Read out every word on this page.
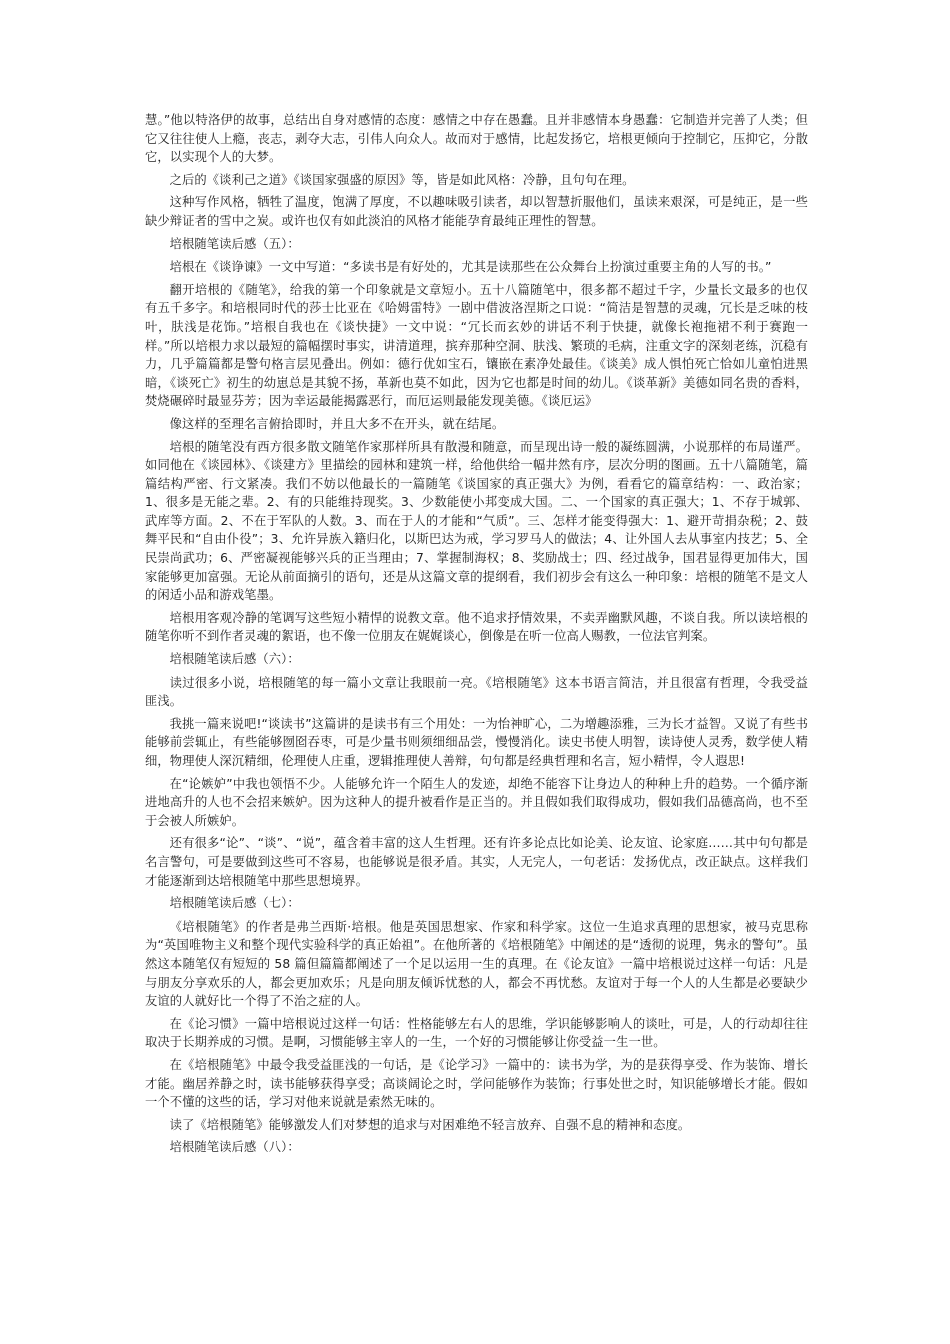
慧。”他以特洛伊的故事，总结出自身对感情的态度：感情之中存在愚蠢。且并非感情本身愚蠢：它制造并完善了人类；但它又往往使人上瘾，丧志，剥夺大志，引伟人向众人。故而对于感情，比起发扬它，培根更倾向于控制它，压抑它，分散它，以实现个人的大梦。

之后的《谈利己之道》《谈国家强盛的原因》等，皆是如此风格：冷静，且句句在理。

这种写作风格，牺牲了温度，饱满了厚度，不以趣味吸引读者，却以智慧折服他们，虽读来艰深，可是纯正，是一些缺少辩证者的雪中之炭。或许也仅有如此淡泊的风格才能能孕育最纯正理性的智慧。

培根随笔读后感（五）：

培根在《谈诤谏》一文中写道：“多读书是有好处的，尤其是读那些在公众舞台上扮演过重要主角的人写的书。”

翻开培根的《随笔》，给我的第一个印象就是文章短小。五十八篇随笔中，很多都不超过千字，少量长文最多的也仅有五千多字。和培根同时代的莎士比亚在《哈姆雷特》一剧中借波洛涅斯之口说：“简洁是智慧的灵魂，冗长是乏味的枝叶，肤浅是花饰。”培根自我也在《谈快捷》一文中说：“冗长而玄妙的讲话不利于快捷，就像长袍拖裙不利于赛跑一样。”所以培根力求以最短的篇幅摆时事实，讲清道理，摈弃那种空洞、肤浅、繁琐的毛病，注重文字的深刻老练，沉稳有力，几乎篇篇都是警句格言层见叠出。例如：德行优如宝石，镶嵌在素净处最佳。《谈美》成人惧怕死亡恰如儿童怕进黑暗，《谈死亡》初生的幼崽总是其貌不扬，革新也莫不如此，因为它也都是时间的幼儿。《谈革新》美德如同名贵的香料，焚烧碾碎时最显芬芳；因为幸运最能揭露恶行，而厄运则最能发现美德。《谈厄运》

像这样的至理名言俯拾即时，并且大多不在开头，就在结尾。

培根的随笔没有西方很多散文随笔作家那样所具有散漫和随意，而呈现出诗一般的凝练圆满，小说那样的布局谨严。如同他在《谈园林》、《谈建方》里描绘的园林和建筑一样，给他供给一幅井然有序，层次分明的图画。五十八篇随笔，篇篇结构严密、行文紧凑。我们不妨以他最长的一篇随笔《谈国家的真正强大》为例，看看它的篇章结构：一、政治家；1、很多是无能之辈。2、有的只能维持现奖。3、少数能使小邦变成大国。二、一个国家的真正强大；1、不存于城郭、武库等方面。2、不在于军队的人数。3、而在于人的才能和“气质”。三、怎样才能变得强大：1、避开苛捐杂税；2、鼓舞平民和“自由仆役”；3、允许异族入籍归化，以斯巴达为戒，学习罗马人的做法；4、让外国人去从事室内技艺；5、全民崇尚武功；6、严密凝视能够兴兵的正当理由；7、掌握制海权；8、奖励战士；四、经过战争，国君显得更加伟大，国家能够更加富强。无论从前面摘引的语句，还是从这篇文章的提纲看，我们初步会有这么一种印象：培根的随笔不是文人的闲适小品和游戏笔墨。

培根用客观冷静的笔调写这些短小精悍的说教文章。他不追求抒情效果，不卖弄幽默风趣，不谈自我。所以读培根的随笔你听不到作者灵魂的絮语，也不像一位朋友在娓娓谈心，倒像是在听一位高人赐教，一位法官判案。

培根随笔读后感（六）：

读过很多小说，培根随笔的每一篇小文章让我眼前一亮。《培根随笔》这本书语言简洁，并且很富有哲理，令我受益匪浅。

我挑一篇来说吧!“谈读书”这篇讲的是读书有三个用处：一为怡神旷心，二为增趣添雅，三为长才益智。又说了有些书能够前尝辄止，有些能够囫囵吞枣，可是少量书则须细细品尝，慢慢消化。读史书使人明智，读诗使人灵秀，数学使人精细，物理使人深沉精细，伦理使人庄重，逻辑推理使人善辩，句句都是经典哲理和名言，短小精悍，令人遐思!

在“论嫉妒”中我也领悟不少。人能够允许一个陌生人的发迹，却绝不能容下让身边人的种种上升的趋势。一个循序渐进地高升的人也不会招来嫉妒。因为这种人的提升被看作是正当的。并且假如我们取得成功，假如我们品德高尚，也不至于会被人所嫉妒。

还有很多“论”、“谈”、“说”，蕴含着丰富的这人生哲理。还有许多论点比如论美、论友谊、论家庭……其中句句都是名言警句，可是要做到这些可不容易，也能够说是很矛盾。其实，人无完人，一句老话：发扬优点，改正缺点。这样我们才能逐渐到达培根随笔中那些思想境界。

培根随笔读后感（七）：

《培根随笔》的作者是弗兰西斯·培根。他是英国思想家、作家和科学家。这位一生追求真理的思想家，被马克思称为“英国唯物主义和整个现代实验科学的真正始祖”。在他所著的《培根随笔》中阐述的是“透彻的说理，隽永的警句”。虽然这本随笔仅有短短的 58 篇但篇篇都阐述了一个足以运用一生的真理。在《论友谊》一篇中培根说过这样一句话：凡是与朋友分享欢乐的人，都会更加欢乐；凡是向朋友倾诉忧愁的人，都会不再忧愁。友谊对于每一个人的人生都是必要缺少友谊的人就好比一个得了不治之症的人。

在《论习惯》一篇中培根说过这样一句话：性格能够左右人的思维，学识能够影响人的谈吐，可是，人的行动却往往取决于长期养成的习惯。是啊，习惯能够主宰人的一生，一个好的习惯能够让你受益一生一世。

在《培根随笔》中最令我受益匪浅的一句话，是《论学习》一篇中的：读书为学，为的是获得享受、作为装饰、增长才能。幽居养静之时，读书能够获得享受；高谈阔论之时，学问能够作为装饰；行事处世之时，知识能够增长才能。假如一个不懂的这些的话，学习对他来说就是索然无味的。

读了《培根随笔》能够激发人们对梦想的追求与对困难绝不轻言放弃、自强不息的精神和态度。

培根随笔读后感（八）：
